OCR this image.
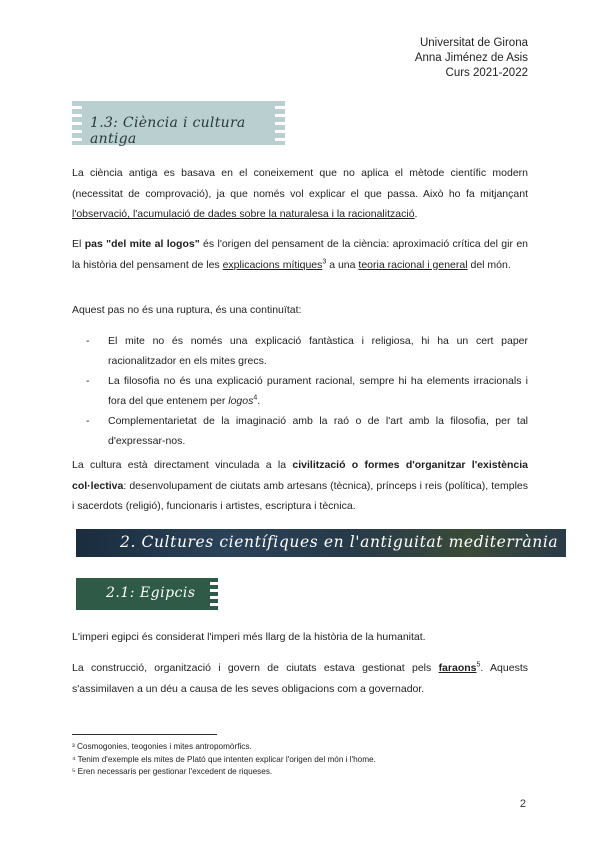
Universitat de Girona
Anna Jiménez de Asis
Curs 2021-2022
1.3: Ciència i cultura antiga
La ciència antiga es basava en el coneixement que no aplica el mètode científic modern (necessitat de comprovació), ja que només vol explicar el que passa. Això ho fa mitjançant l'observació, l'acumulació de dades sobre la naturalesa i la racionalització.
El pas "del mite al logos" és l'origen del pensament de la ciència: aproximació crítica del gir en la història del pensament de les explicacions mítiques$^3$ a una teoria racional i general del món.
Aquest pas no és una ruptura, és una continuïtat:
- El mite no és només una explicació fantàstica i religiosa, hi ha un cert paper racionalitzador en els mites grecs.
- La filosofia no és una explicació purament racional, sempre hi ha elements irracionals i fora del que entenem per logos$^4$.
- Complementarietat de la imaginació amb la raó o de l'art amb la filosofia, per tal d'expressar-nos.
La cultura està directament vinculada a la civilització o formes d'organitzar l'existència col·lectiva: desenvolupament de ciutats amb artesans (tècnica), prínceps i reis (política), temples i sacerdots (religió), funcionaris i artistes, escriptura i tècnica.
2. Cultures científiques en l'antiguitat mediterrània
2.1: Egipcis
L'imperi egipci és considerat l'imperi més llarg de la història de la humanitat.
La construcció, organització i govern de ciutats estava gestionat pels faraons$^5$. Aquests s'assimilaven a un déu a causa de les seves obligacions com a governador.
³ Cosmogonies, teogonies i mites antropomòrfics.
⁴ Tenim d'exemple els mites de Plató que intenten explicar l'origen del món i l'home.
⁵ Eren necessaris per gestionar l'excedent de riqueses.
2
